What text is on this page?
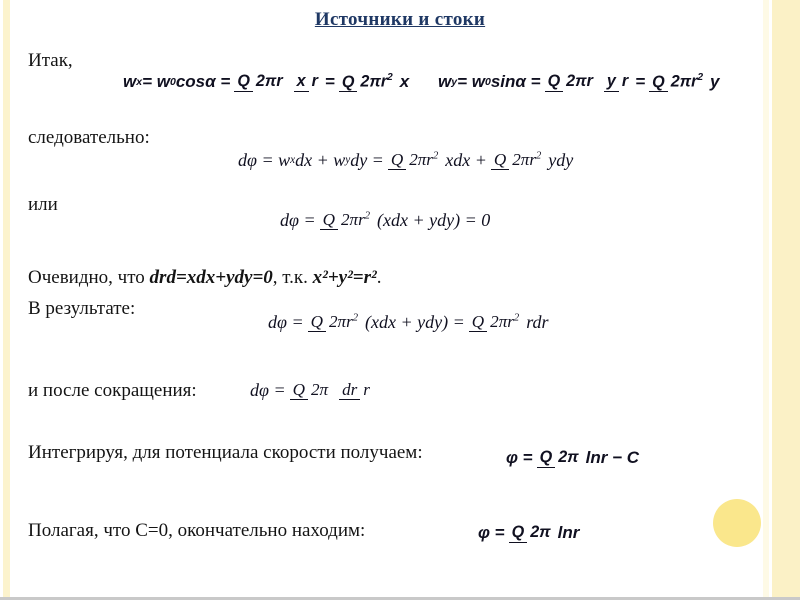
Источники и стоки
Итак,
w x = w 0 cosα = Q 2πr x r = Q $2\pi r^2$ x w y = w 0 sinα = Q 2πr y r = Q $2\pi r^2$ y
следовательно:
dφ = w x dx + w y dy = Q $2\pi r^2$ xdx + Q $2\pi r^2$ ydy
или
dφ = Q $2\pi r^2$ (xdx + ydy) = 0
Очевидно, что drd=xdx+ydy=0, т.к. x²+y²=r².
В результате:
dφ = Q $2\pi r^2$ (xdx + ydy) = Q $2\pi r^2$ rdr
и после сокращения:	dφ = Q 2π dr r
Интегрируя, для потенциала скорости получаем:	φ = Q 2π lnr − C
Полагая, что С=0, окончательно находим:	φ = Q 2π lnr
